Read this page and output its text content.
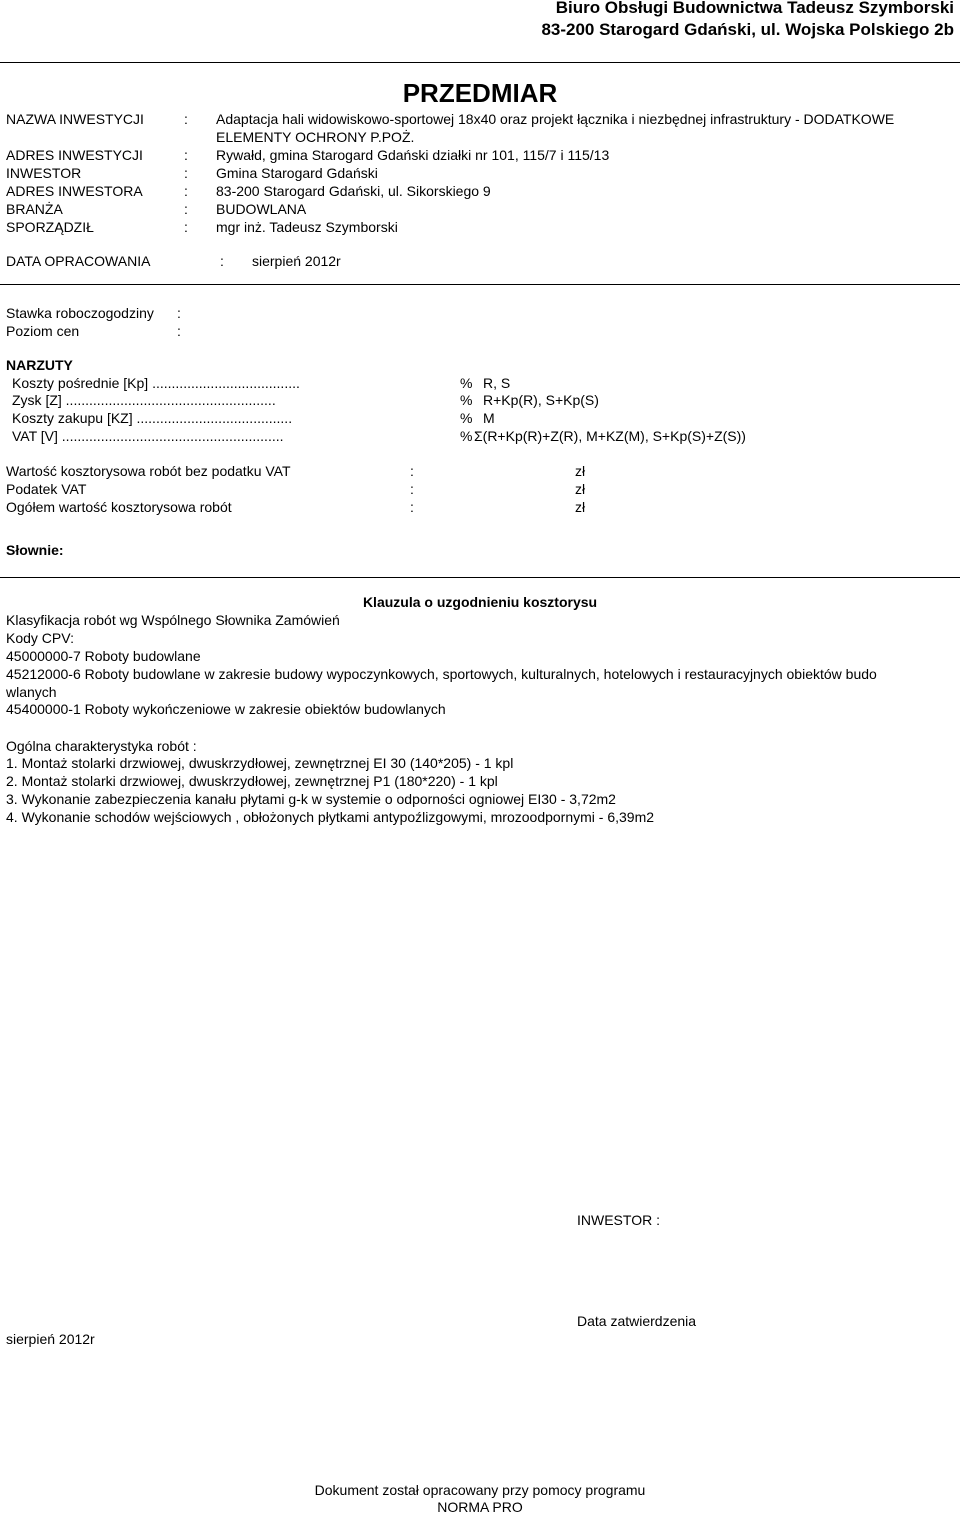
Biuro Obsługi Budownictwa Tadeusz Szymborski
83-200 Starogard Gdański, ul. Wojska Polskiego 2b
PRZEDMIAR
NAZWA INWESTYCJI	: Adaptacja hali widowiskowo-sportowej 18x40 oraz projekt łącznika i niezbędnej infrastruktury - DODATKOWE
ELEMENTY OCHRONY P.POŻ.
ADRES INWESTYCJI	: Rywałd, gmina Starogard Gdański działki nr 101, 115/7 i 115/13
INWESTOR	: Gmina Starogard Gdański
ADRES INWESTORA	: 83-200 Starogard Gdański, ul. Sikorskiego 9
BRANŻA	: BUDOWLANA
SPORZĄDZIŁ	: mgr inż. Tadeusz Szymborski
DATA OPRACOWANIA	: sierpień 2012r
Stawka roboczogodziny :
Poziom cen	:
NARZUTY
Koszty pośrednie [Kp] ......................................	% R, S
Zysk [Z] ......................................................	% R+Kp(R), S+Kp(S)
Koszty zakupu [KZ] ........................................	% M
VAT [V] .........................................................	% Σ(R+Kp(R)+Z(R), M+KZ(M), S+Kp(S)+Z(S))
Wartość kosztorysowa robót bez podatku VAT	:	zł
Podatek VAT	:	zł
Ogółem wartość kosztorysowa robót	:	zł
Słownie:
Klauzula o uzgodnieniu kosztorysu
Klasyfikacja robót wg Wspólnego Słownika Zamówień
Kody CPV:
45000000-7 Roboty budowlane
45212000-6 Roboty budowlane w zakresie budowy wypoczynkowych, sportowych, kulturalnych, hotelowych i restauracyjnych obiektów budo
wlanych
45400000-1 Roboty wykończeniowe w zakresie obiektów budowlanych
Ogólna charakterystyka robót :
1. Montaż stolarki drzwiowej, dwuskrzydłowej, zewnętrznej EI 30 (140*205) - 1 kpl
2. Montaż stolarki drzwiowej, dwuskrzydłowej, zewnętrznej P1 (180*220) - 1 kpl
3. Wykonanie zabezpieczenia kanału płytami g-k w systemie o odporności ogniowej EI30 - 3,72m2
4. Wykonanie schodów wejściowych , obłożonych płytkami antypoźlizgowymi, mrozoodpornymi - 6,39m2
INWESTOR :
sierpień 2012r
Data zatwierdzenia
Dokument został opracowany przy pomocy programu
NORMA PRO
